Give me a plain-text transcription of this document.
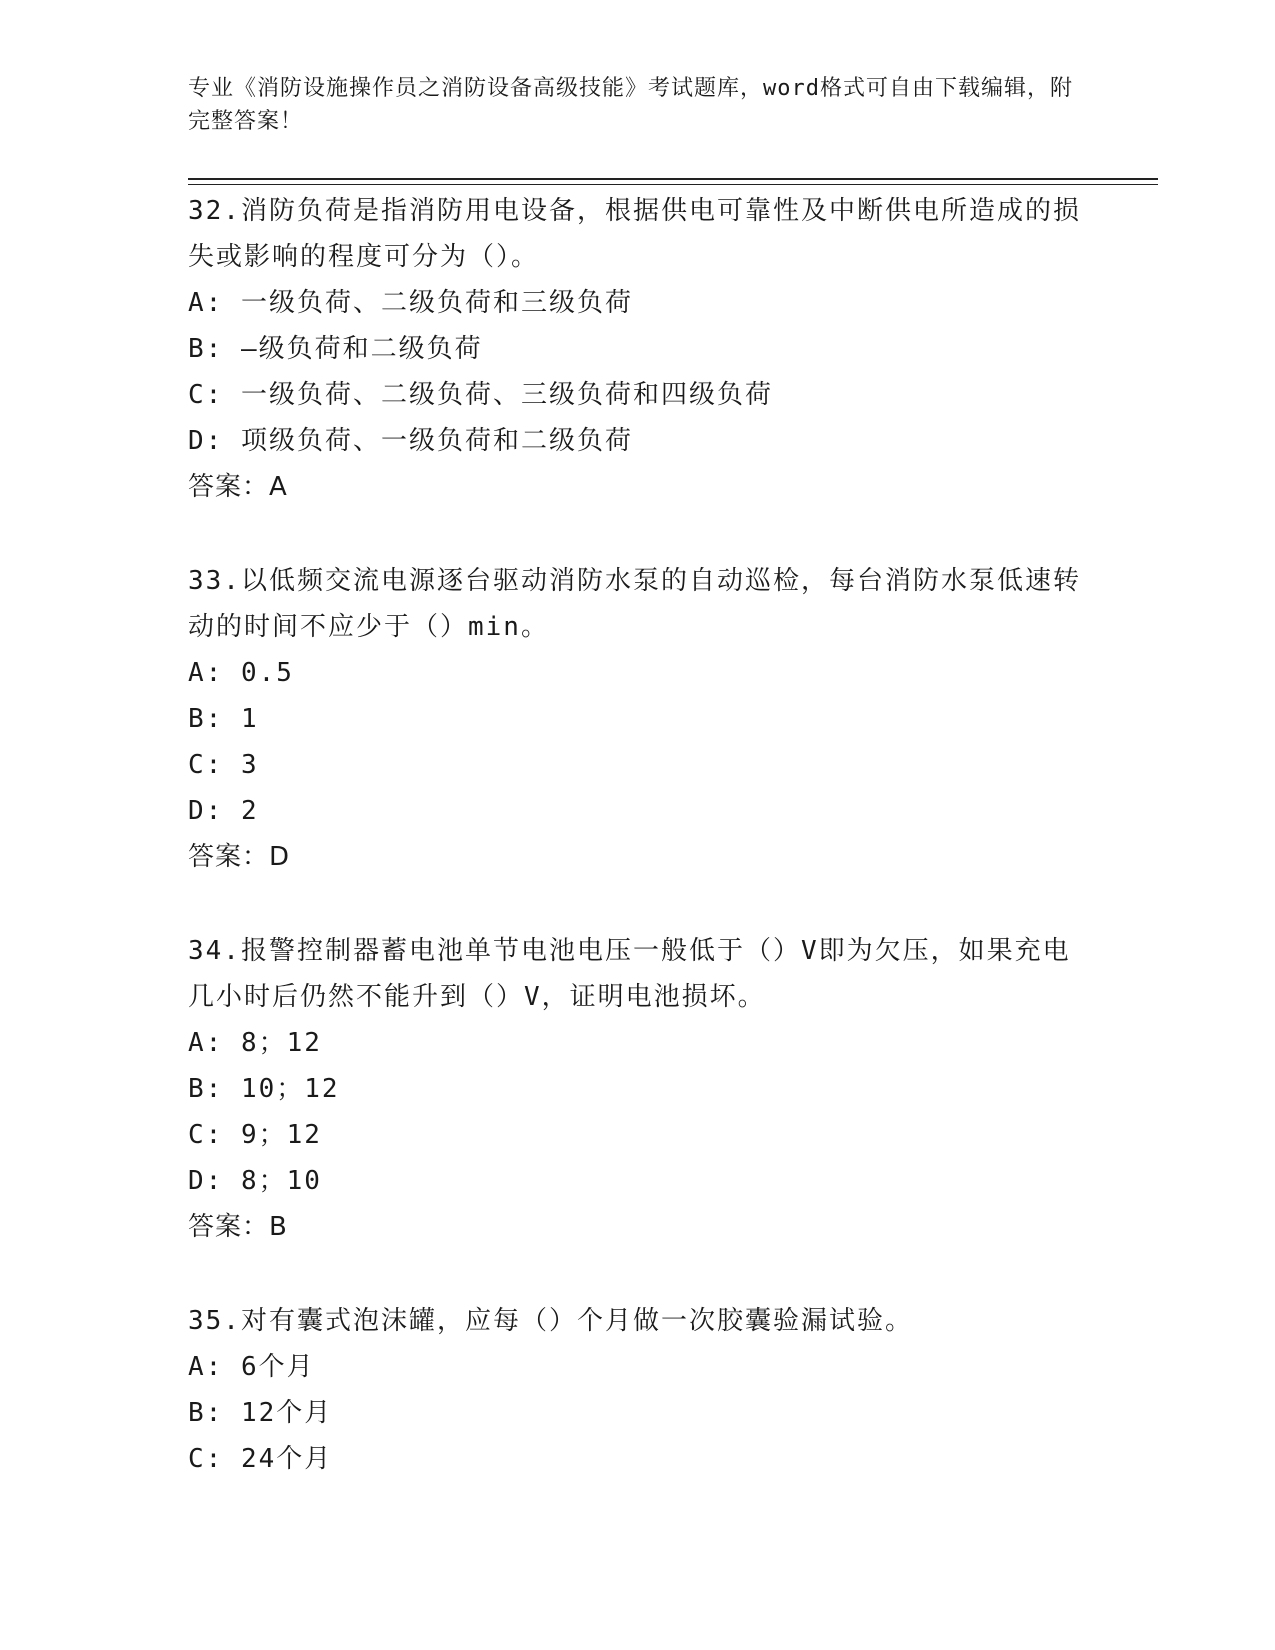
专业《消防设施操作员之消防设备高级技能》考试题库，word格式可自由下载编辑，附完整答案！
32.消防负荷是指消防用电设备，根据供电可靠性及中断供电所造成的损失或影响的程度可分为（）。
A: 一级负荷、二级负荷和三级负荷
B: —级负荷和二级负荷
C: 一级负荷、二级负荷、三级负荷和四级负荷
D: 项级负荷、一级负荷和二级负荷
答案：A
33.以低频交流电源逐台驱动消防水泵的自动巡检，每台消防水泵低速转动的时间不应少于（）min。
A: 0.5
B: 1
C: 3
D: 2
答案：D
34.报警控制器蓄电池单节电池电压一般低于（）V即为欠压，如果充电几小时后仍然不能升到（）V，证明电池损坏。
A: 8；12
B: 10；12
C: 9；12
D: 8；10
答案：B
35.对有囊式泡沫罐，应每（）个月做一次胶囊验漏试验。
A: 6个月
B: 12个月
C: 24个月
